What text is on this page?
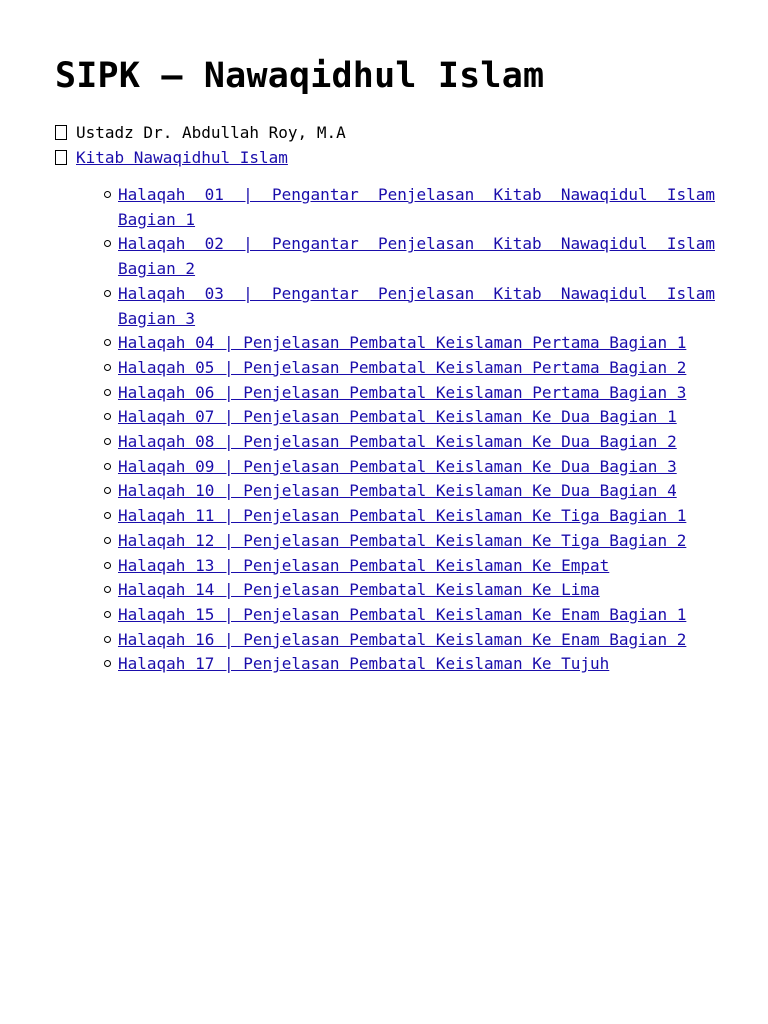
SIPK – Nawaqidhul Islam
Ustadz Dr. Abdullah Roy, M.A
Kitab Nawaqidhul Islam
Halaqah 01 | Pengantar Penjelasan Kitab Nawaqidul Islam Bagian 1
Halaqah 02 | Pengantar Penjelasan Kitab Nawaqidul Islam Bagian 2
Halaqah 03 | Pengantar Penjelasan Kitab Nawaqidul Islam Bagian 3
Halaqah 04 | Penjelasan Pembatal Keislaman Pertama Bagian 1
Halaqah 05 | Penjelasan Pembatal Keislaman Pertama Bagian 2
Halaqah 06 | Penjelasan Pembatal Keislaman Pertama Bagian 3
Halaqah 07 | Penjelasan Pembatal Keislaman Ke Dua Bagian 1
Halaqah 08 | Penjelasan Pembatal Keislaman Ke Dua Bagian 2
Halaqah 09 | Penjelasan Pembatal Keislaman Ke Dua Bagian 3
Halaqah 10 | Penjelasan Pembatal Keislaman Ke Dua Bagian 4
Halaqah 11 | Penjelasan Pembatal Keislaman Ke Tiga Bagian 1
Halaqah 12 | Penjelasan Pembatal Keislaman Ke Tiga Bagian 2
Halaqah 13 | Penjelasan Pembatal Keislaman Ke Empat
Halaqah 14 | Penjelasan Pembatal Keislaman Ke Lima
Halaqah 15 | Penjelasan Pembatal Keislaman Ke Enam Bagian 1
Halaqah 16 | Penjelasan Pembatal Keislaman Ke Enam Bagian 2
Halaqah 17 | Penjelasan Pembatal Keislaman Ke Tujuh
